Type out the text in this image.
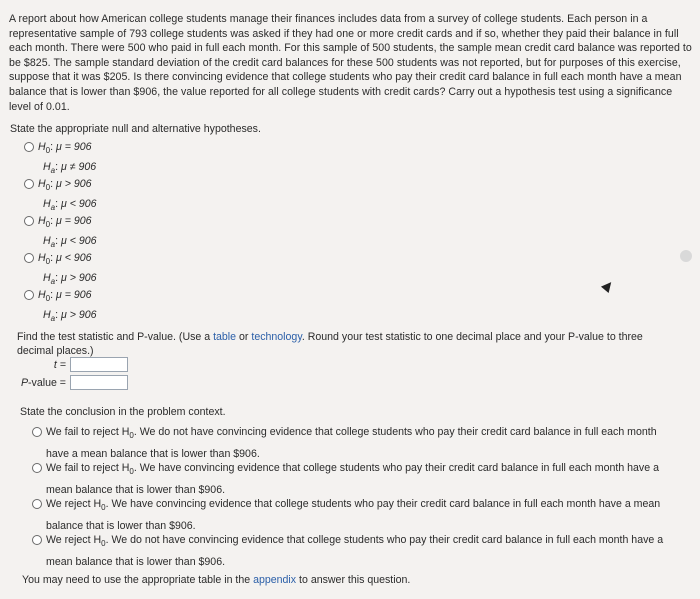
A report about how American college students manage their finances includes data from a survey of college students. Each person in a representative sample of 793 college students was asked if they had one or more credit cards and if so, whether they paid their balance in full each month. There were 500 who paid in full each month. For this sample of 500 students, the sample mean credit card balance was reported to be $825. The sample standard deviation of the credit card balances for these 500 students was not reported, but for purposes of this exercise, suppose that it was $205. Is there convincing evidence that college students who pay their credit card balance in full each month have a mean balance that is lower than $906, the value reported for all college students with credit cards? Carry out a hypothesis test using a significance level of 0.01.
State the appropriate null and alternative hypotheses.
$H_0$: μ = 906
$H_a$: μ ≠ 906
$H_0$: μ > 906
$H_a$: μ < 906
$H_0$: μ = 906
$H_a$: μ < 906
$H_0$: μ < 906
$H_a$: μ > 906
$H_0$: μ = 906
$H_a$: μ > 906
Find the test statistic and P-value. (Use a table or technology. Round your test statistic to one decimal place and your P-value to three decimal places.)
t =
P-value =
State the conclusion in the problem context.
We fail to reject $H_0$. We do not have convincing evidence that college students who pay their credit card balance in full each month have a mean balance that is lower than $906.
We fail to reject $H_0$. We have convincing evidence that college students who pay their credit card balance in full each month have a mean balance that is lower than $906.
We reject $H_0$. We have convincing evidence that college students who pay their credit card balance in full each month have a mean balance that is lower than $906.
We reject $H_0$. We do not have convincing evidence that college students who pay their credit card balance in full each month have a mean balance that is lower than $906.
You may need to use the appropriate table in the appendix to answer this question.
